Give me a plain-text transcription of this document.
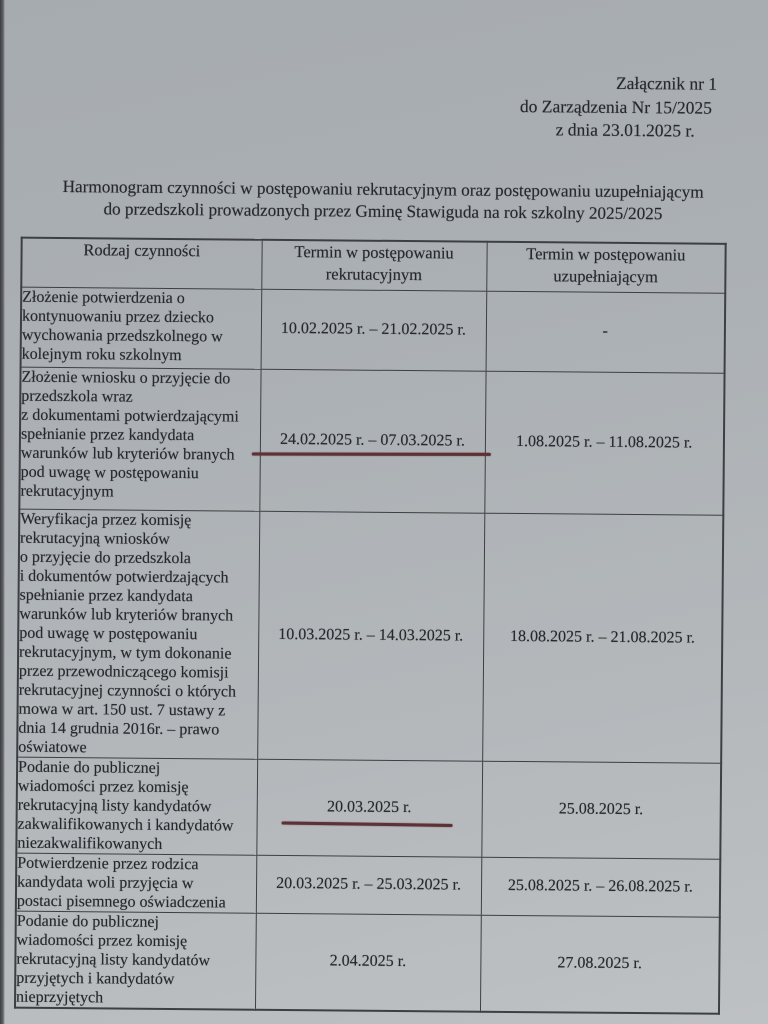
Załącznik nr 1
do Zarządzenia Nr 15/2025
z dnia 23.01.2025 r.
Harmonogram czynności w postępowaniu rekrutacyjnym oraz postępowaniu uzupełniającym
do przedszkoli prowadzonych przez Gminę Stawiguda na rok szkolny 2025/2025
Rodzaj czynności	Termin w postępowaniu rekrutacyjnym	Termin w postępowaniu uzupełniającym
Złożenie potwierdzenia o
kontynuowaniu przez dziecko
wychowania przedszkolnego w
kolejnym roku szkolnym	10.02.2025 r. – 21.02.2025 r.	-
Złożenie wniosku o przyjęcie do
przedszkola wraz
z dokumentami potwierdzającymi
spełnianie przez kandydata
warunków lub kryteriów branych
pod uwagę w postępowaniu
rekrutacyjnym	24.02.2025 r. – 07.03.2025 r.	1.08.2025 r. – 11.08.2025 r.
Weryfikacja przez komisję
rekrutacyjną wniosków
o przyjęcie do przedszkola
i dokumentów potwierdzających
spełnianie przez kandydata
warunków lub kryteriów branych
pod uwagę w postępowaniu
rekrutacyjnym, w tym dokonanie
przez przewodniczącego komisji
rekrutacyjnej czynności o których
mowa w art. 150 ust. 7 ustawy z
dnia 14 grudnia 2016r. – prawo
oświatowe	10.03.2025 r. – 14.03.2025 r.	18.08.2025 r. – 21.08.2025 r.
Podanie do publicznej
wiadomości przez komisję
rekrutacyjną listy kandydatów
zakwalifikowanych i kandydatów
niezakwalifikowanych	20.03.2025 r.	25.08.2025 r.
Potwierdzenie przez rodzica
kandydata woli przyjęcia w
postaci pisemnego oświadczenia	20.03.2025 r. – 25.03.2025 r.	25.08.2025 r. – 26.08.2025 r.
Podanie do publicznej
wiadomości przez komisję
rekrutacyjną listy kandydatów
przyjętych i kandydatów
nieprzyjętych	2.04.2025 r.	27.08.2025 r.
